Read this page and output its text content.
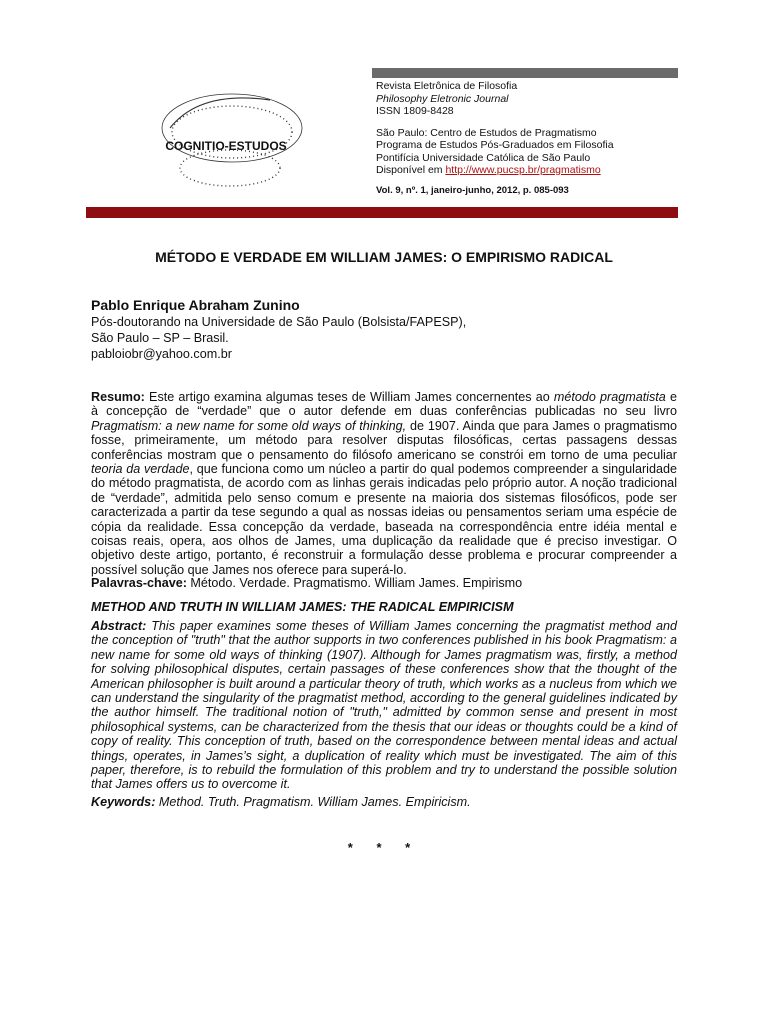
COGNITIO-ESTUDOS
Revista Eletrônica de Filosofia
Philosophy Eletronic Journal
ISSN 1809-8428
São Paulo: Centro de Estudos de Pragmatismo
Programa de Estudos Pós-Graduados em Filosofia
Pontifícia Universidade Católica de São Paulo
Disponível em http://www.pucsp.br/pragmatismo
Vol. 9, nº. 1, janeiro-junho, 2012, p. 085-093
MÉTODO E VERDADE EM WILLIAM JAMES: O EMPIRISMO RADICAL
Pablo Enrique Abraham Zunino
Pós-doutorando na Universidade de São Paulo (Bolsista/FAPESP),
São Paulo – SP – Brasil.
pabloiobr@yahoo.com.br
Resumo: Este artigo examina algumas teses de William James concernentes ao método pragmatista e à concepção de “verdade” que o autor defende em duas conferências publicadas no seu livro Pragmatism: a new name for some old ways of thinking, de 1907. Ainda que para James o pragmatismo fosse, primeiramente, um método para resolver disputas filosóficas, certas passagens dessas conferências mostram que o pensamento do filósofo americano se constrói em torno de uma peculiar teoria da verdade, que funciona como um núcleo a partir do qual podemos compreender a singularidade do método pragmatista, de acordo com as linhas gerais indicadas pelo próprio autor. A noção tradicional de “verdade”, admitida pelo senso comum e presente na maioria dos sistemas filosóficos, pode ser caracterizada a partir da tese segundo a qual as nossas ideias ou pensamentos seriam uma espécie de cópia da realidade. Essa concepção da verdade, baseada na correspondência entre idéia mental e coisas reais, opera, aos olhos de James, uma duplicação da realidade que é preciso investigar. O objetivo deste artigo, portanto, é reconstruir a formulação desse problema e procurar compreender a possível solução que James nos oferece para superá-lo.
Palavras-chave: Método. Verdade. Pragmatismo. William James. Empirismo
METHOD AND TRUTH IN WILLIAM JAMES: THE RADICAL EMPIRICISM
Abstract: This paper examines some theses of William James concerning the pragmatist method and the conception of "truth" that the author supports in two conferences published in his book Pragmatism: a new name for some old ways of thinking (1907). Although for James pragmatism was, firstly, a method for solving philosophical disputes, certain passages of these conferences show that the thought of the American philosopher is built around a particular theory of truth, which works as a nucleus from which we can understand the singularity of the pragmatist method, according to the general guidelines indicated by the author himself. The traditional notion of "truth," admitted by common sense and present in most philosophical systems, can be characterized from the thesis that our ideas or thoughts could be a kind of copy of reality. This conception of truth, based on the correspondence between mental ideas and actual things, operates, in James’s sight, a duplication of reality which must be investigated. The aim of this paper, therefore, is to rebuild the formulation of this problem and try to understand the possible solution that James offers us to overcome it.
Keywords: Method. Truth. Pragmatism. William James. Empiricism.
* * *
